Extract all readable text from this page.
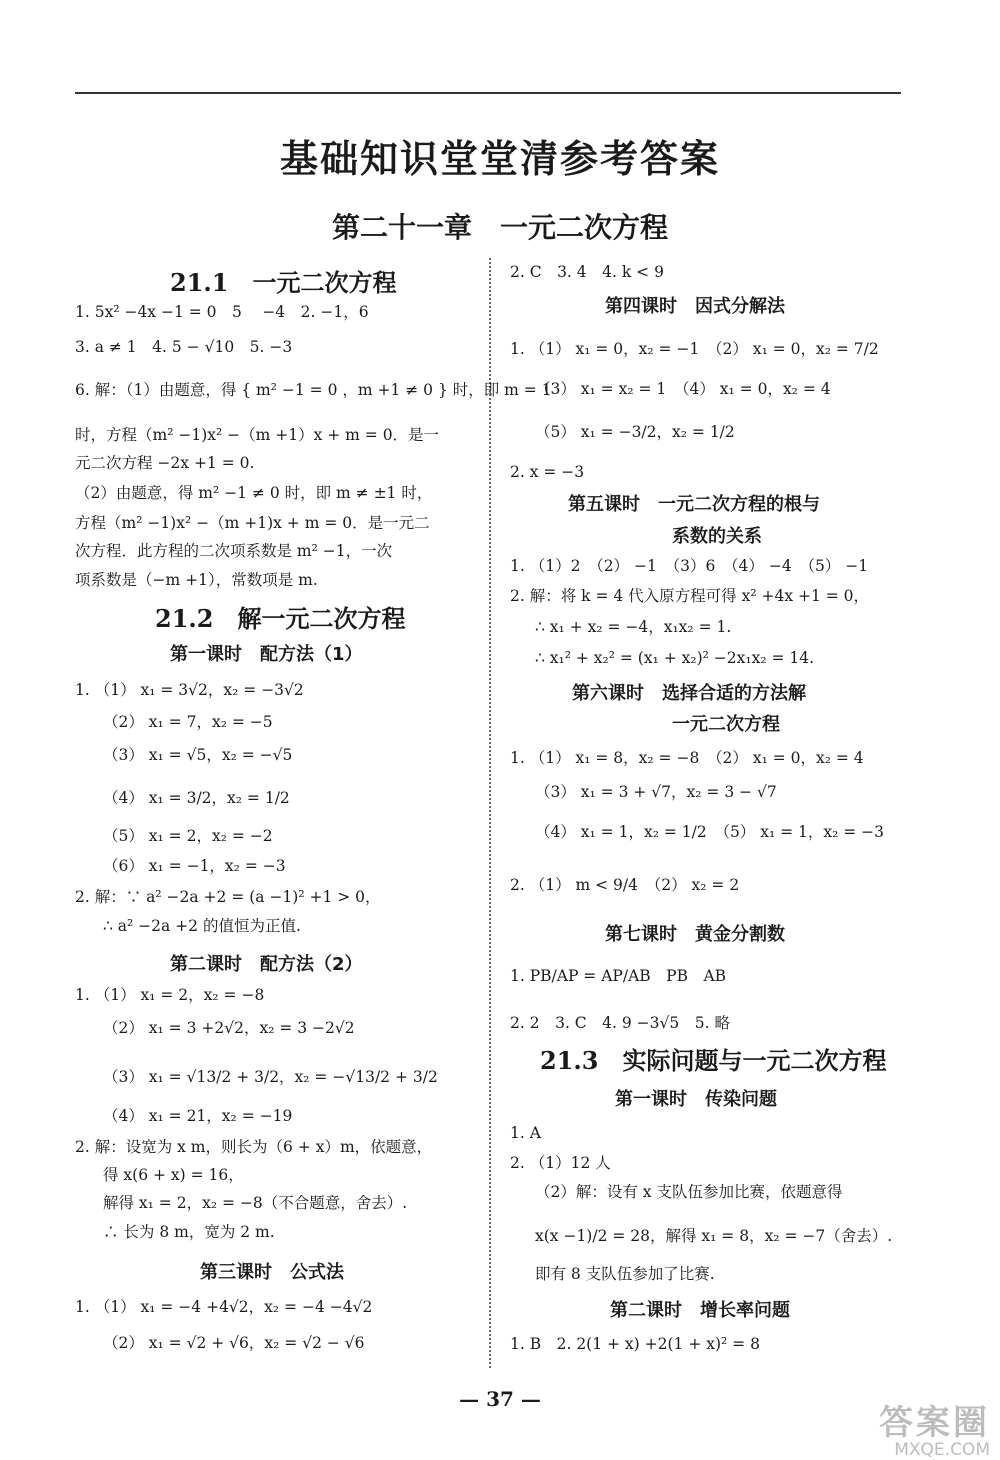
基础知识堂堂清参考答案
第二十一章　一元二次方程
21.1　一元二次方程
1. 5x² −4x −1 = 0　5　 −4　2. −1，6
3. a ≠ 1　4. 5 − √10　5. −3
6. 解：（1）由题意，得 { m² −1 = 0 ，m +1 ≠ 0 } 时，即 m = 1
时，方程（m² −1)x² −（m +1）x + m = 0．是一
元二次方程 −2x +1 = 0.
（2）由题意，得 m² −1 ≠ 0 时，即 m ≠ ±1 时，
方程（m² −1)x² −（m +1)x + m = 0．是一元二
次方程．此方程的二次项系数是 m² −1，一次
项系数是（−m +1），常数项是 m.
21.2　解一元二次方程
第一课时　配方法（1）
1. （1） x₁ = 3√2，x₂ = −3√2
（2） x₁ = 7，x₂ = −5
（3） x₁ = √5，x₂ = −√5
（4） x₁ = 3/2，x₂ = 1/2
（5） x₁ = 2，x₂ = −2
（6） x₁ = −1，x₂ = −3
2. 解：∵ a² −2a +2 = (a −1)² +1 > 0，
∴ a² −2a +2 的值恒为正值.
第二课时　配方法（2）
1. （1） x₁ = 2，x₂ = −8
（2） x₁ = 3 +2√2，x₂ = 3 −2√2
（3） x₁ = √13/2 + 3/2，x₂ = −√13/2 + 3/2
（4） x₁ = 21，x₂ = −19
2. 解：设宽为 x m，则长为（6 + x）m，依题意，
得 x(6 + x) = 16，
解得 x₁ = 2，x₂ = −8（不合题意，舍去）.
∴ 长为 8 m，宽为 2 m.
第三课时　公式法
1. （1） x₁ = −4 +4√2，x₂ = −4 −4√2
（2） x₁ = √2 + √6，x₂ = √2 − √6
2. C　3. 4　4. k < 9
第四课时　因式分解法
1. （1） x₁ = 0，x₂ = −1　（2） x₁ = 0，x₂ = 7/2
（3） x₁ = x₂ = 1　（4） x₁ = 0，x₂ = 4
（5） x₁ = −3/2，x₂ = 1/2
2. x = −3
第五课时　一元二次方程的根与
系数的关系
1. （1）2　（2） −1　（3）6　（4） −4　（5） −1
2. 解：将 k = 4 代入原方程可得 x² +4x +1 = 0，
∴ x₁ + x₂ = −4，x₁x₂ = 1.
∴ x₁² + x₂² = (x₁ + x₂)² −2x₁x₂ = 14.
第六课时　选择合适的方法解
一元二次方程
1. （1） x₁ = 8，x₂ = −8　（2） x₁ = 0，x₂ = 4
（3） x₁ = 3 + √7，x₂ = 3 − √7
（4） x₁ = 1，x₂ = 1/2　（5） x₁ = 1，x₂ = −3
2. （1） m < 9/4　（2） x₂ = 2
第七课时　黄金分割数
1. PB/AP = AP/AB　PB　AB
2. 2　3. C　4. 9 −3√5　5. 略
21.3　实际问题与一元二次方程
第一课时　传染问题
1. A
2. （1）12 人
（2）解：设有 x 支队伍参加比赛，依题意得
x(x −1)/2 = 28，解得 x₁ = 8，x₂ = −7（舍去）.
即有 8 支队伍参加了比赛.
第二课时　增长率问题
1. B　2. 2(1 + x) +2(1 + x)² = 8
— 37 —
答案圈
MXQE.COM
